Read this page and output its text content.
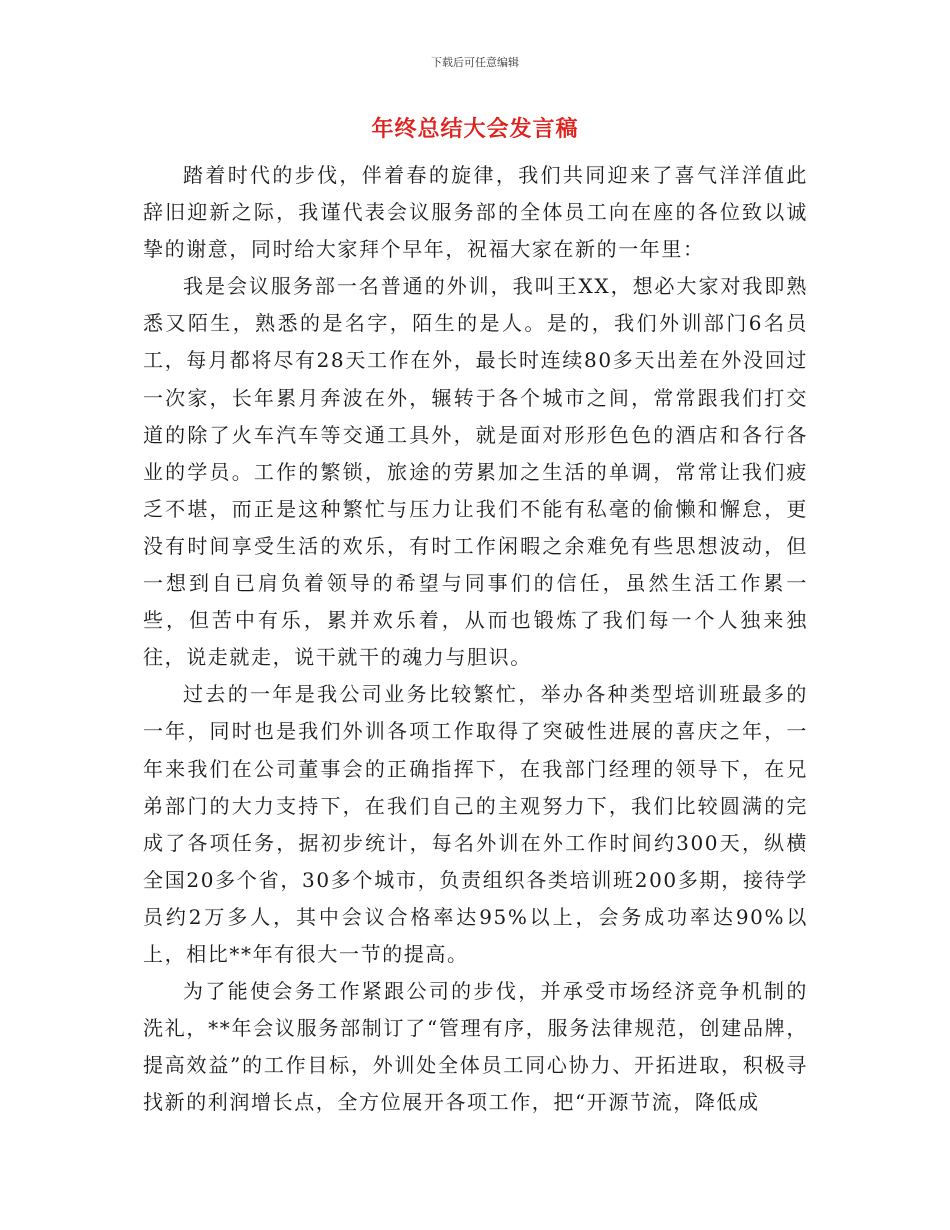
下载后可任意编辑
年终总结大会发言稿

踏着时代的步伐，伴着春的旋律，我们共同迎来了喜气洋洋值此辞旧迎新之际，我谨代表会议服务部的全体员工向在座的各位致以诚挚的谢意，同时给大家拜个早年，祝福大家在新的一年里：

我是会议服务部一名普通的外训，我叫王XX，想必大家对我即熟悉又陌生，熟悉的是名字，陌生的是人。是的，我们外训部门6名员工，每月都将尽有28天工作在外，最长时连续80多天出差在外没回过一次家，长年累月奔波在外，辗转于各个城市之间，常常跟我们打交道的除了火车汽车等交通工具外，就是面对形形色色的酒店和各行各业的学员。工作的繁锁，旅途的劳累加之生活的单调，常常让我们疲乏不堪，而正是这种繁忙与压力让我们不能有私毫的偷懒和懈怠，更没有时间享受生活的欢乐，有时工作闲暇之余难免有些思想波动，但一想到自已肩负着领导的希望与同事们的信任，虽然生活工作累一些，但苦中有乐，累并欢乐着，从而也锻炼了我们每一个人独来独往，说走就走，说干就干的魂力与胆识。

过去的一年是我公司业务比较繁忙，举办各种类型培训班最多的一年，同时也是我们外训各项工作取得了突破性进展的喜庆之年，一年来我们在公司董事会的正确指挥下，在我部门经理的领导下，在兄弟部门的大力支持下，在我们自己的主观努力下，我们比较圆满的完成了各项任务，据初步统计，每名外训在外工作时间约300天，纵横全国20多个省，30多个城市，负责组织各类培训班200多期，接待学员约2万多人，其中会议合格率达95%以上，会务成功率达90%以上，相比**年有很大一节的提高。

为了能使会务工作紧跟公司的步伐，并承受市场经济竞争机制的洗礼，**年会议服务部制订了“管理有序，服务法律规范，创建品牌，提高效益”的工作目标，外训处全体员工同心协力、开拓进取，积极寻找新的利润增长点，全方位展开各项工作，把“开源节流，降低成
